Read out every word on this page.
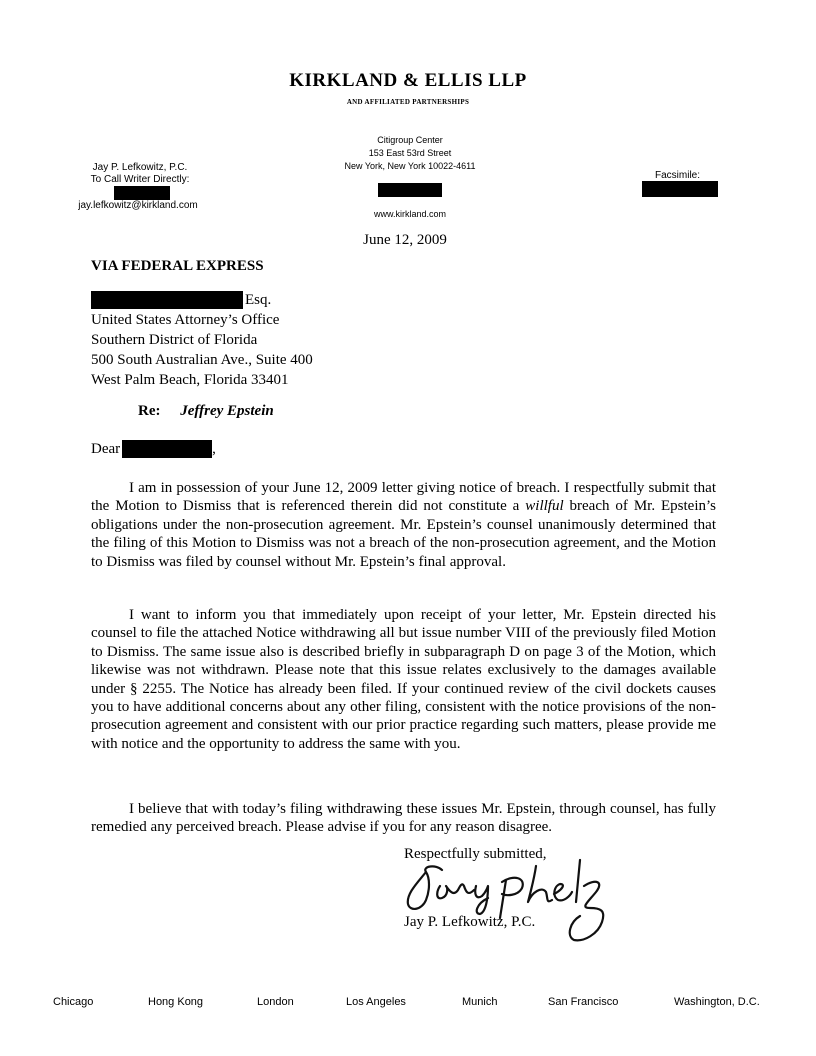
KIRKLAND & ELLIS LLP
AND AFFILIATED PARTNERSHIPS
Citigroup Center
153 East 53rd Street
New York, New York 10022-4611
www.kirkland.com
June 12, 2009
Jay P. Lefkowitz, P.C.
To Call Writer Directly:
jay.lefkowitz@kirkland.com
Facsimile:
VIA FEDERAL EXPRESS
Esq.
United States Attorney’s Office
Southern District of Florida
500 South Australian Ave., Suite 400
West Palm Beach, Florida 33401
Re: Jeffrey Epstein
Dear	,
I am in possession of your June 12, 2009 letter giving notice of breach. I respectfully submit that the Motion to Dismiss that is referenced therein did not constitute a willful breach of Mr. Epstein’s obligations under the non-prosecution agreement. Mr. Epstein’s counsel unanimously determined that the filing of this Motion to Dismiss was not a breach of the non-prosecution agreement, and the Motion to Dismiss was filed by counsel without Mr. Epstein’s final approval.
I want to inform you that immediately upon receipt of your letter, Mr. Epstein directed his counsel to file the attached Notice withdrawing all but issue number VIII of the previously filed Motion to Dismiss. The same issue also is described briefly in subparagraph D on page 3 of the Motion, which likewise was not withdrawn. Please note that this issue relates exclusively to the damages available under § 2255. The Notice has already been filed. If your continued review of the civil dockets causes you to have additional concerns about any other filing, consistent with the notice provisions of the non-prosecution agreement and consistent with our prior practice regarding such matters, please provide me with notice and the opportunity to address the same with you.
I believe that with today’s filing withdrawing these issues Mr. Epstein, through counsel, has fully remedied any perceived breach. Please advise if you for any reason disagree.
Respectfully submitted,
Jay P. Lefkowitz, P.C.
Chicago	Hong Kong	London	Los Angeles	Munich	San Francisco	Washington, D.C.
